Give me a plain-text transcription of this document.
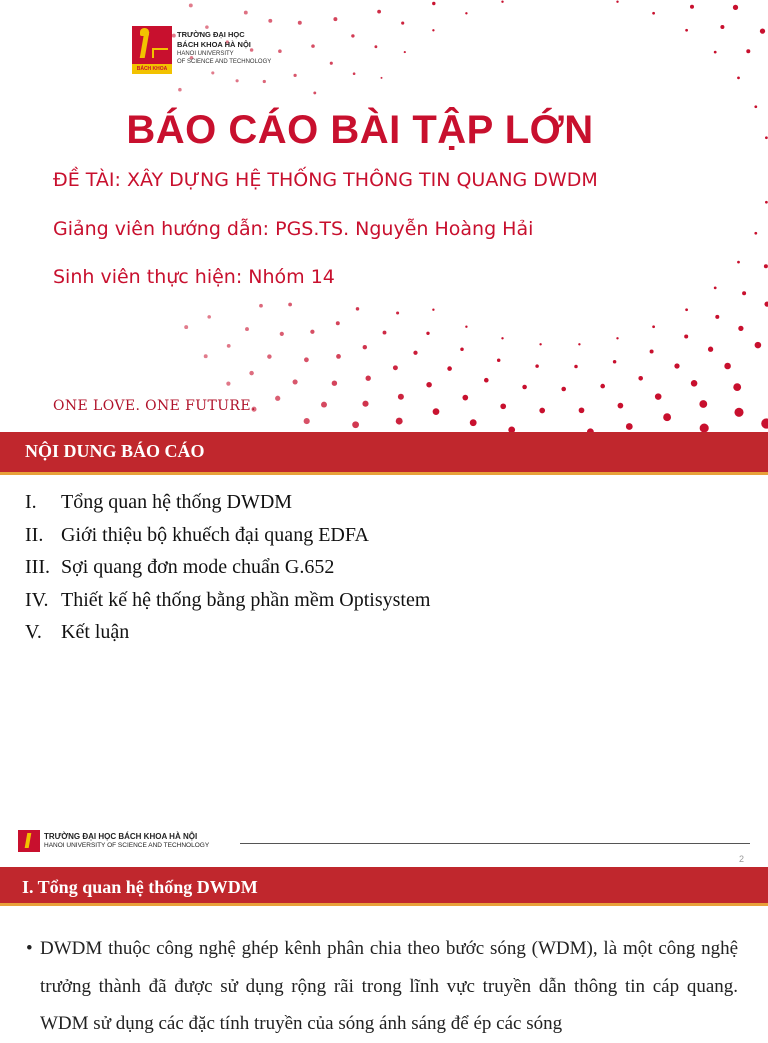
BÁCH KHOA
TRƯỜNG ĐẠI HỌC
BÁCH KHOA HÀ NỘI
HANOI UNIVERSITY
OF SCIENCE AND TECHNOLOGY
BÁO CÁO BÀI TẬP LỚN
ĐỀ TÀI: XÂY DỰNG HỆ THỐNG THÔNG TIN QUANG DWDM
Giảng viên hướng dẫn: PGS.TS. Nguyễn Hoàng Hải
Sinh viên thực hiện: Nhóm 14
ONE LOVE. ONE FUTURE.
NỘI DUNG BÁO CÁO
I. Tổng quan hệ thống DWDM
II. Giới thiệu bộ khuếch đại quang EDFA
III. Sợi quang đơn mode chuẩn G.652
IV. Thiết kế hệ thống bằng phần mềm Optisystem
V. Kết luận
TRƯỜNG ĐẠI HỌC BÁCH KHOA HÀ NỘI
HANOI UNIVERSITY OF SCIENCE AND TECHNOLOGY
2
I. Tổng quan hệ thống DWDM
• DWDM thuộc công nghệ ghép kênh phân chia theo bước sóng (WDM), là một công nghệ trưởng thành đã được sử dụng rộng rãi trong lĩnh vực truyền dẫn thông tin cáp quang. WDM sử dụng các đặc tính truyền của sóng ánh sáng để ép các sóng
